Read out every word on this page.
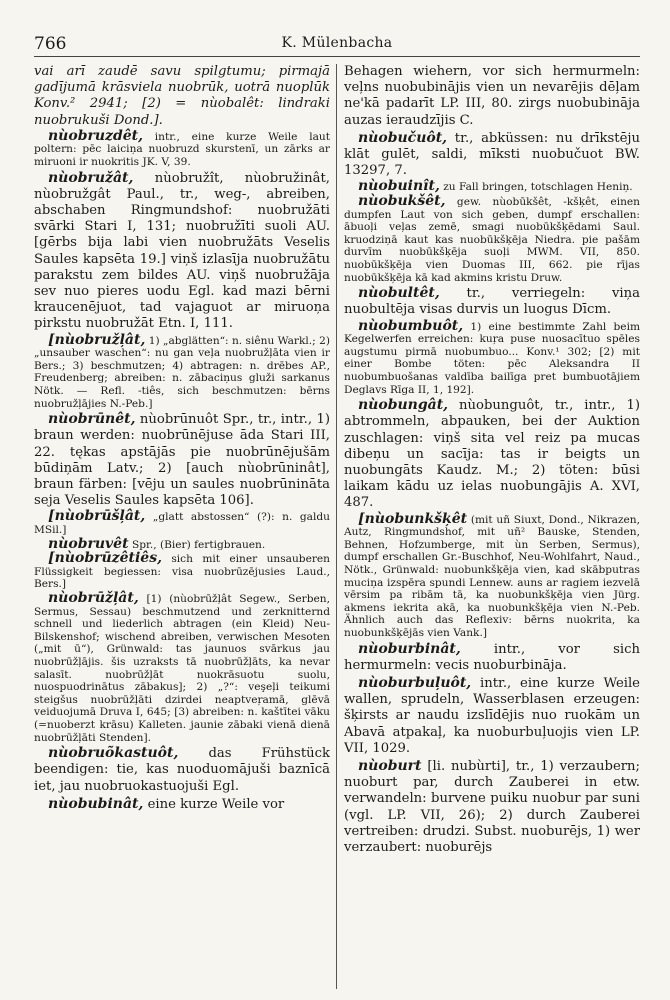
766	K. Mülenbacha

vai arī zaudē savu spilgtumu; pirmajā gadījumā krāsviela nuobrūk, uotrā nuoplūk Konv.² 2941; [2) = nùobalêt: lindraki nuobrukuši Dond.].

nùobruzdêt, intr., eine kurze Weile laut poltern: pēc laiciņa nuobruzd skurstenī, un zārks ar miruoni ir nuokritis JK. V, 39.

nùobružât, nùobružît, nùobružinât, nùobružgât Paul., tr., weg-, abreiben, abschaben Ringmundshof: nuobružāti svārki Stari I, 131; nuobružīti suoli AU. [gērbs bija labi vien nuobružāts Veselis Saules kapsēta 19.] viņš izlasīja nuobružātu parakstu zem bildes AU. viņš nuobružāja sev nuo pieres uodu Egl. kad mazi bērni kraucenējuot, tad vajaguot ar miruoņa pirkstu nuobružāt Etn. I, 111.

[nùobružļât, 1) „abglätten“: n. siênu Warkl.; 2) „unsauber waschen“: nu gan veļa nuobružļāta vien ir Bers.; 3) beschmutzen; 4) abtragen: n. drēbes AP., Freudenberg; abreiben: n. zābaciņus gluži sarkanus Nötk. — Refl. -tiês, sich beschmutzen: bērns nuobružļājies N.-Peb.]

nùobrūnêt, nùobrūnuôt Spr., tr., intr., 1) braun werden: nuobrūnējuse āda Stari III, 22. tękas apstājās pie nuobrūnējušām būdiņām Latv.; 2) [auch nùobrūninât], braun färben: [vēju un saules nuobrūnināta seja Veselis Saules kapsēta 106].

[nùobrūšļât, „glatt abstossen“ (?): n. galdu MSil.]

nùobruvêt Spr., (Bier) fertigbrauen.

[nùobrūzêtiês, sich mit einer unsauberen Flüssigkeit begiessen: visa nuobrūzējusies Laud., Bers.]

nùobrūžļât, [1) (nùobrūžļât Segew., Serben, Sermus, Sessau) beschmutzend und zerknitternd schnell und liederlich abtragen (ein Kleid) Neu-Bilskenshof; wischend abreiben, verwischen Mesoten („mit ū“), Grünwald: tas jaunuos svārkus jau nuobrūžļājis. šis uzraksts tā nuobrūžļāts, ka nevar salasīt. nuobrūžļāt nuokrāsuotu suolu, nuospuodrinātus zābakus]; 2) „?“: veşeļi teikumi steigšus nuobrūžļāti dzirdei neaptveŗamā, glēvā veiduojumā Druva I, 645; [3) abreiben: n. kaštītei vāku (=nuoberzt krāsu) Kalleten. jaunie zābaki vienā dienā nuobrūžļāti Stenden].

nùobruõkastuôt, das Frühstück beendigen: tie, kas nuoduomājuši baznīcā iet, jau nuobruokastuojuši Egl.

nùobubinât, eine kurze Weile vor

Behagen wiehern, vor sich hermurmeln: veļns nuobubinājis vien un nevarējis dēļam ne'kā padarīt LP. III, 80. zirgs nuobubināja auzas ieraudzījis C.

nùobučuôt, tr., abküssen: nu drīkstēju klāt gulēt, saldi, mīksti nuobučuot BW. 13297, 7.

nùobuinît, zu Fall bringen, totschlagen Heniņ.

nùobukšêt, gew. nùobūkšêt, -kšķêt, einen dumpfen Laut von sich geben, dumpf erschallen: ābuoļi veļas zemē, smagi nuobūkšķēdami Saul. kruodziņā kaut kas nuobūkšķēja Niedra. pie pašām durvīm nuobūkšķēja suoļi MWM. VII, 850. nuobūkšķēja vien Duomas III, 662. pie rījas nuobūkšķēja kā kad akmins kristu Druw.

nùobultêt, tr., verriegeln: viņa nuobultēja visas durvis un luogus Dīcm.

nùobumbuôt, 1) eine bestimmte Zahl beim Kegelwerfen erreichen: kuŗa puse nuosacītuo spēles augstumu pirmā nuobumbuo... Konv.¹ 302; [2) mit einer Bombe töten: pēc Aleksandra II nuobumbuošanas valdība bailīga pret bumbuotājiem Deglavs Rīga II, 1, 192].

nùobungât, nùobunguôt, tr., intr., 1) abtrommeln, abpauken, bei der Auktion zuschlagen: viņš sita vel reiz pa mucas dibeņu un sacīja: tas ir beigts un nuobungāts Kaudz. M.; 2) töten: būsi laikam kādu uz ielas nuobungājis A. XVI, 487.

[nùobunkšķêt (mit uñ Siuxt, Dond., Nikrazen, Autz, Ringmundshof, mit uñ² Bauske, Stenden, Behnen, Hofzumberge, mit ùn Serben, Sermus), dumpf erschallen Gr.-Buschhof, Neu-Wohlfahrt, Naud., Nötk., Grünwald: nuobunkšķēja vien, kad skābputras muciņa izspēra spundi Lennew. auns ar ragiem iezvelā vērsim pa ribām tā, ka nuobunkšķēja vien Jürg. akmens iekrita akā, ka nuobunkšķēja vien N.-Peb. Ähnlich auch das Reflexiv: bērns nuokrita, ka nuobunkšķējās vien Vank.]

nùoburbinât,	intr., vor sich hermurmeln: vecis nuoburbināja.

nùoburbuļuôt, intr., eine kurze Weile wallen, sprudeln, Wasserblasen erzeugen: šķirsts ar naudu izslīdējis nuo ruokām un Abavā atpakaļ, ka nuoburbuļuojis vien LP. VII, 1029.

nùoburt [li. nubùrti], tr., 1) verzaubern; nuoburt par, durch Zauberei in etw. verwandeln: burvene puiku nuobur par suni (vgl. LP. VII, 26); 2) durch Zauberei vertreiben: drudzi. Subst. nuoburējs, 1) wer verzaubert: nuoburējs
